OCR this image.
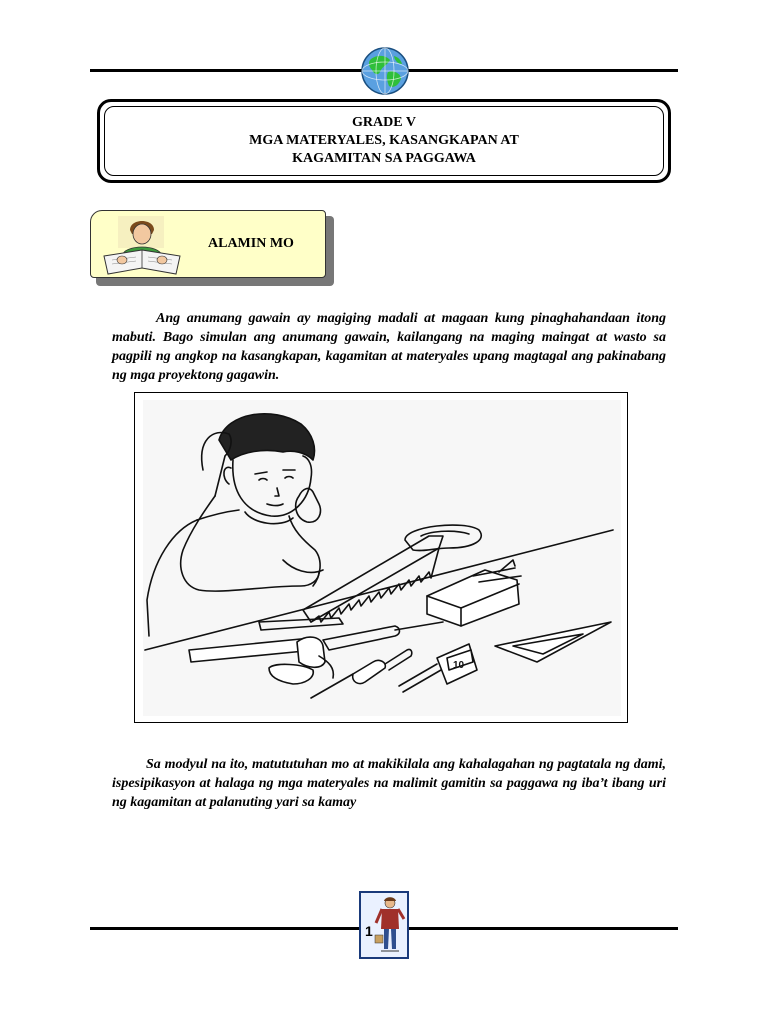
GRADE V
MGA MATERYALES, KASANGKAPAN AT
KAGAMITAN SA PAGGAWA
ALAMIN MO

Ang anumang gawain ay magiging madali at magaan kung pinaghahandaan itong mabuti. Bago simulan ang anumang gawain, kailangang na maging maingat at wasto sa pagpili ng angkop na kasangkapan, kagamitan at materyales upang magtagal ang pakinabang ng mga proyektong gagawin.

10

Sa modyul na ito, matututuhan mo at makikilala ang kahalagahan ng pagtatala ng dami, ispesipikasyon at halaga ng mga materyales na malimit gamitin sa paggawa ng iba’t ibang uri ng kagamitan at palanuting yari sa kamay

1
